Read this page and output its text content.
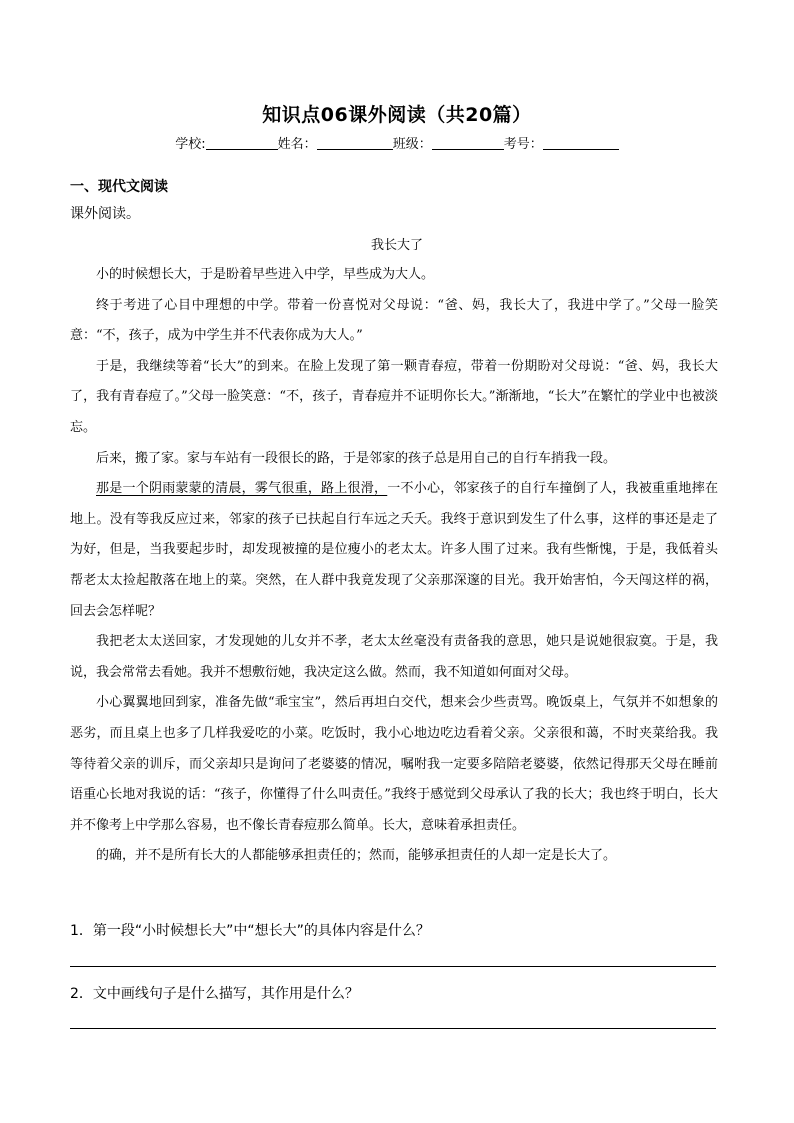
知识点06课外阅读（共20篇）
学校:	姓名：	班级：	考号：
一、现代文阅读
课外阅读。
我长大了

小的时候想长大，于是盼着早些进入中学，早些成为大人。

终于考进了心目中理想的中学。带着一份喜悦对父母说：“爸、妈，我长大了，我进中学了。”父母一脸笑意：“不，孩子，成为中学生并不代表你成为大人。”

于是，我继续等着“长大”的到来。在脸上发现了第一颗青春痘，带着一份期盼对父母说：“爸、妈，我长大了，我有青春痘了。”父母一脸笑意：“不，孩子，青春痘并不证明你长大。”渐渐地，“长大”在繁忙的学业中也被淡忘。

后来，搬了家。家与车站有一段很长的路，于是邻家的孩子总是用自己的自行车捎我一段。

那是一个阴雨蒙蒙的清晨，雾气很重，路上很滑，一不小心，邻家孩子的自行车撞倒了人，我被重重地摔在地上。没有等我反应过来，邻家的孩子已扶起自行车远之夭夭。我终于意识到发生了什么事，这样的事还是走了为好，但是，当我要起步时，却发现被撞的是位瘦小的老太太。许多人围了过来。我有些惭愧，于是，我低着头帮老太太捡起散落在地上的菜。突然，在人群中我竟发现了父亲那深邃的目光。我开始害怕，今天闯这样的祸，回去会怎样呢？

我把老太太送回家，才发现她的儿女并不孝，老太太丝毫没有责备我的意思，她只是说她很寂寞。于是，我说，我会常常去看她。我并不想敷衍她，我决定这么做。然而，我不知道如何面对父母。

小心翼翼地回到家，准备先做“乖宝宝”，然后再坦白交代，想来会少些责骂。晚饭桌上，气氛并不如想象的恶劣，而且桌上也多了几样我爱吃的小菜。吃饭时，我小心地边吃边看着父亲。父亲很和蔼，不时夹菜给我。我等待着父亲的训斥，而父亲却只是询问了老婆婆的情况，嘱咐我一定要多陪陪老婆婆，依然记得那天父母在睡前语重心长地对我说的话：“孩子，你懂得了什么叫责任。”我终于感觉到父母承认了我的长大；我也终于明白，长大并不像考上中学那么容易，也不像长青春痘那么简单。长大，意味着承担责任。

的确，并不是所有长大的人都能够承担责任的；然而，能够承担责任的人却一定是长大了。

1．第一段“小时候想长大”中“想长大”的具体内容是什么？
2．文中画线句子是什么描写，其作用是什么？
